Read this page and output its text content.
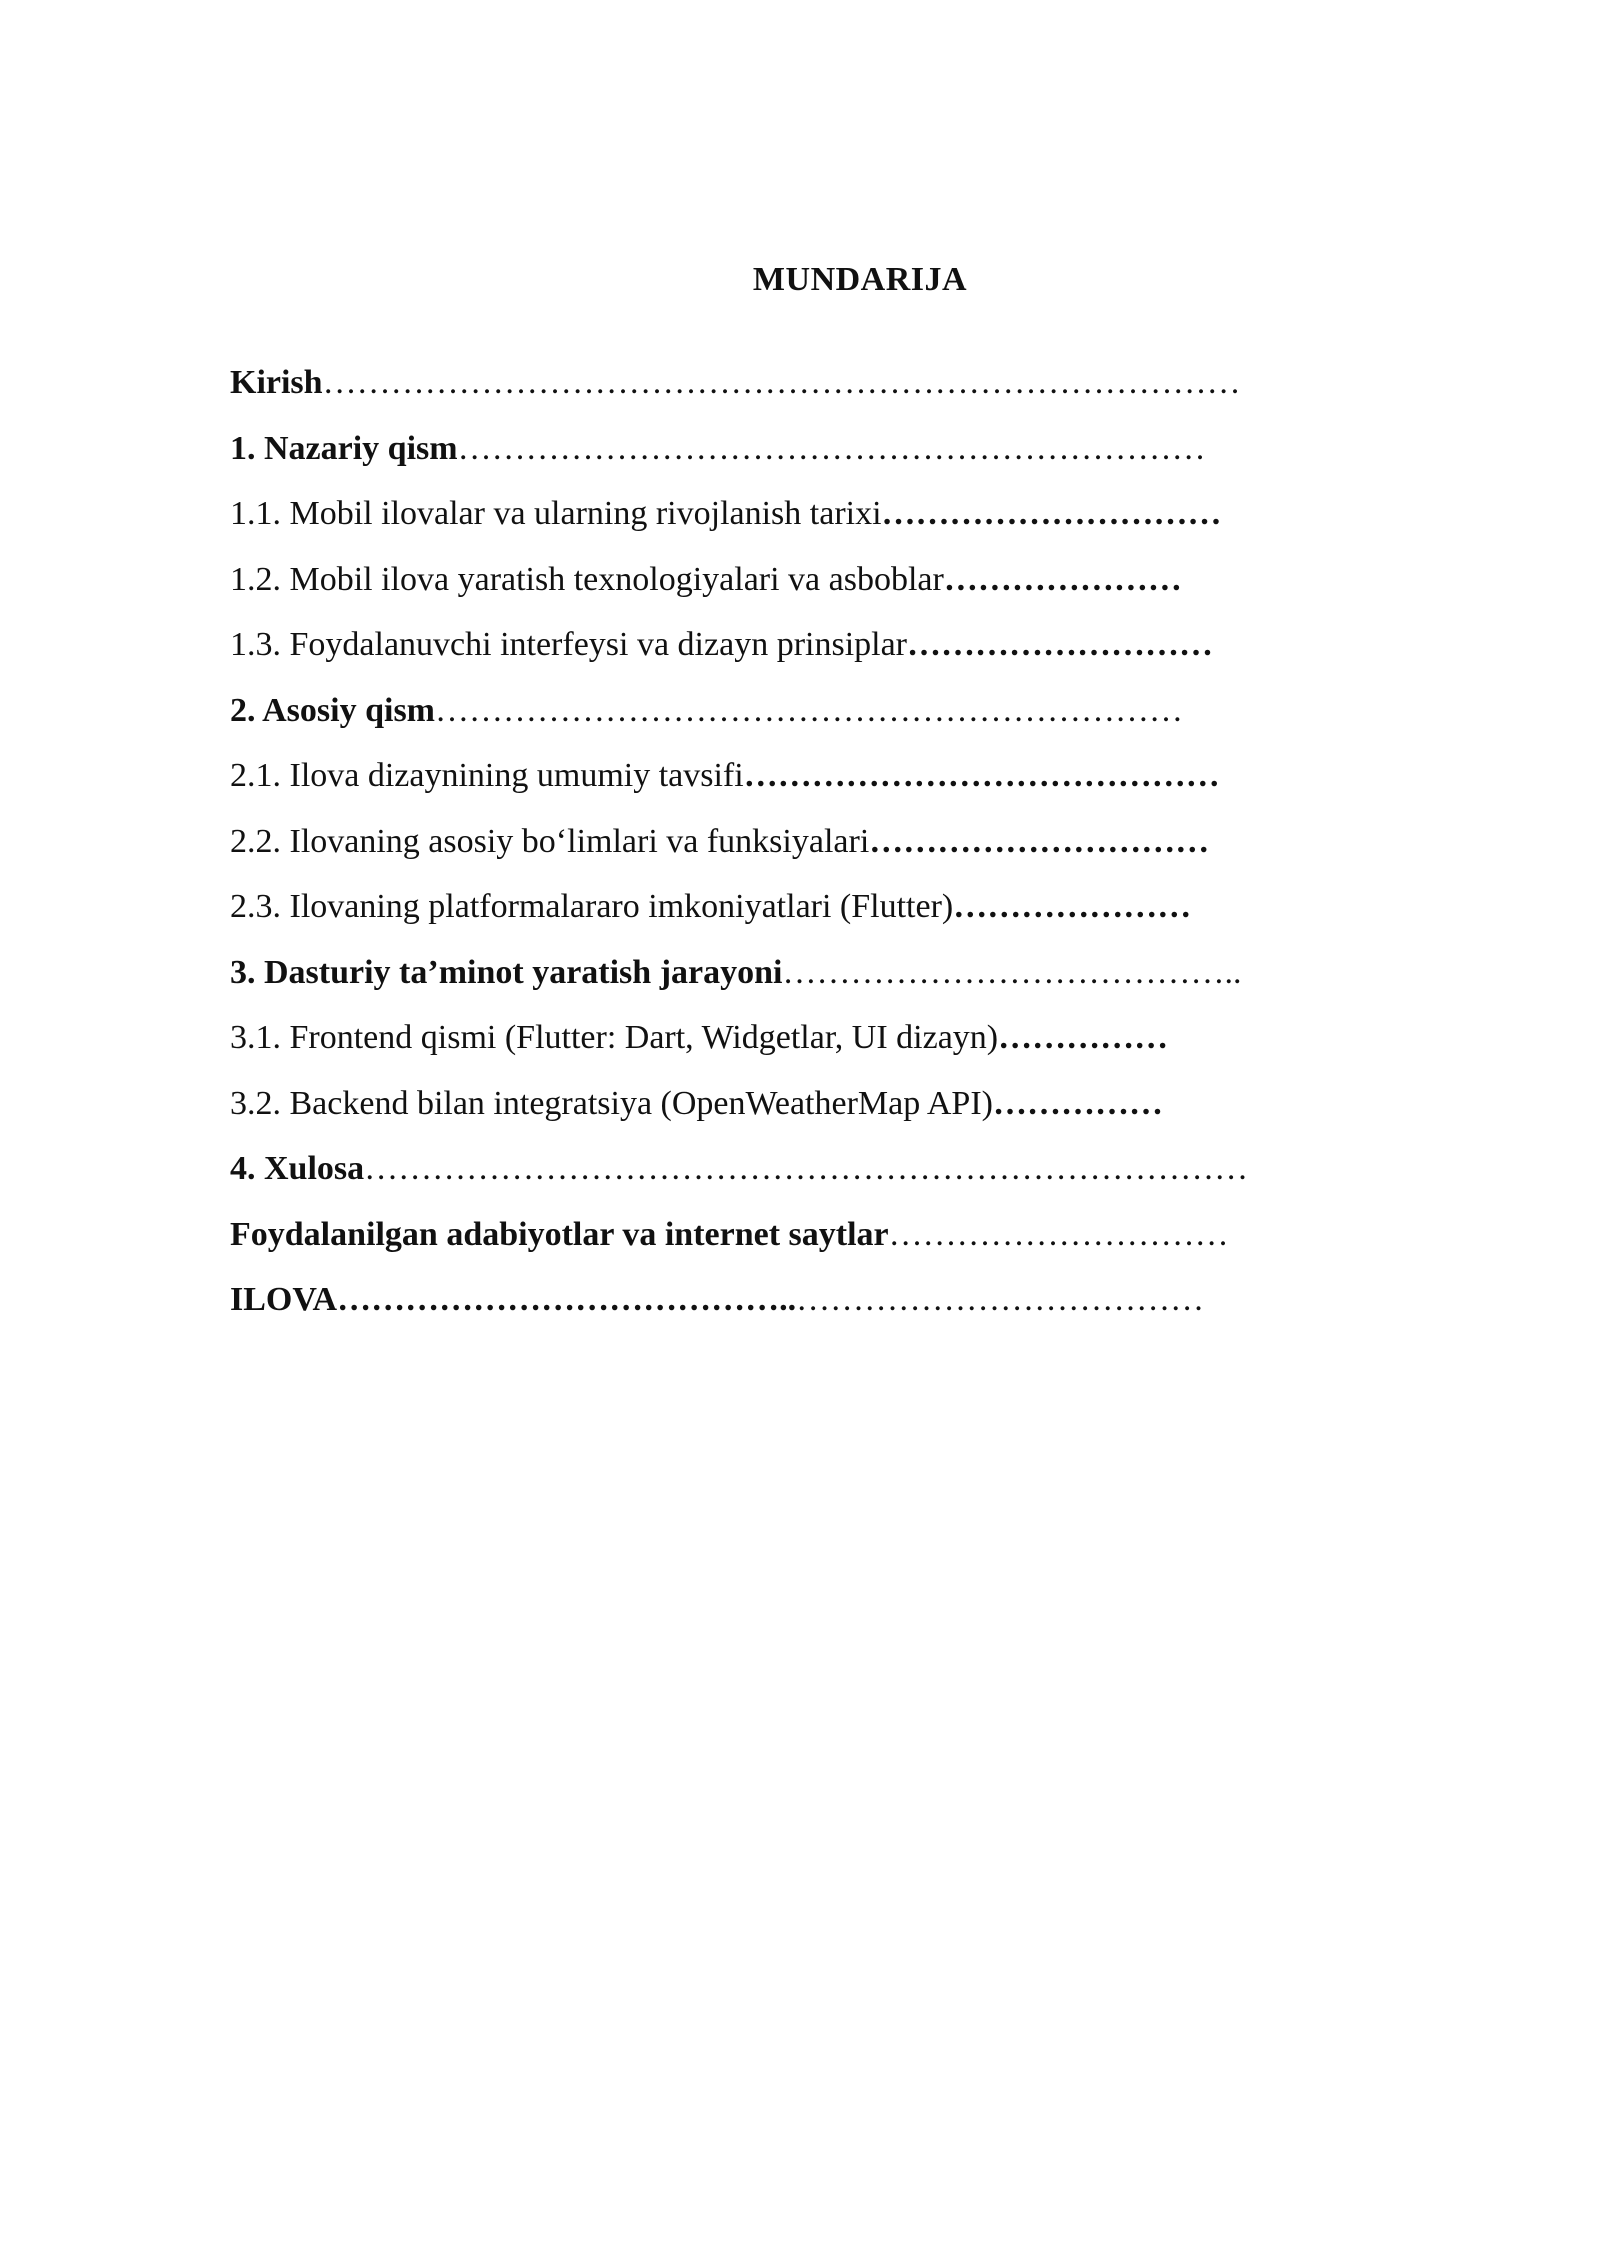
MUNDARIJA
Kirish………………………………………………………………………
1. Nazariy qism…………………………………………………………
1.1. Mobil ilovalar va ularning rivojlanish tarixi…………………………
1.2. Mobil ilova yaratish texnologiyalari va asboblar…………………
1.3. Foydalanuvchi interfeysi va dizayn prinsiplar………………………
2. Asosiy qism…………………………………………………………
2.1. Ilova dizaynining umumiy tavsifi……………………………………
2.2. Ilovaning asosiy bo‘limlari va funksiyalari…………………………
2.3. Ilovaning platformalararo imkoniyatlari (Flutter)…………………
3. Dasturiy ta’minot yaratish jarayoni…………………………………..
3.1. Frontend qismi (Flutter: Dart, Widgetlar, UI dizayn)……………
3.2. Backend bilan integratsiya (OpenWeatherMap API)……………
4. Xulosa……………………………………………………………………
Foydalanilgan adabiyotlar va internet saytlar…………………………
ILOVA…………………………………..………………………………
